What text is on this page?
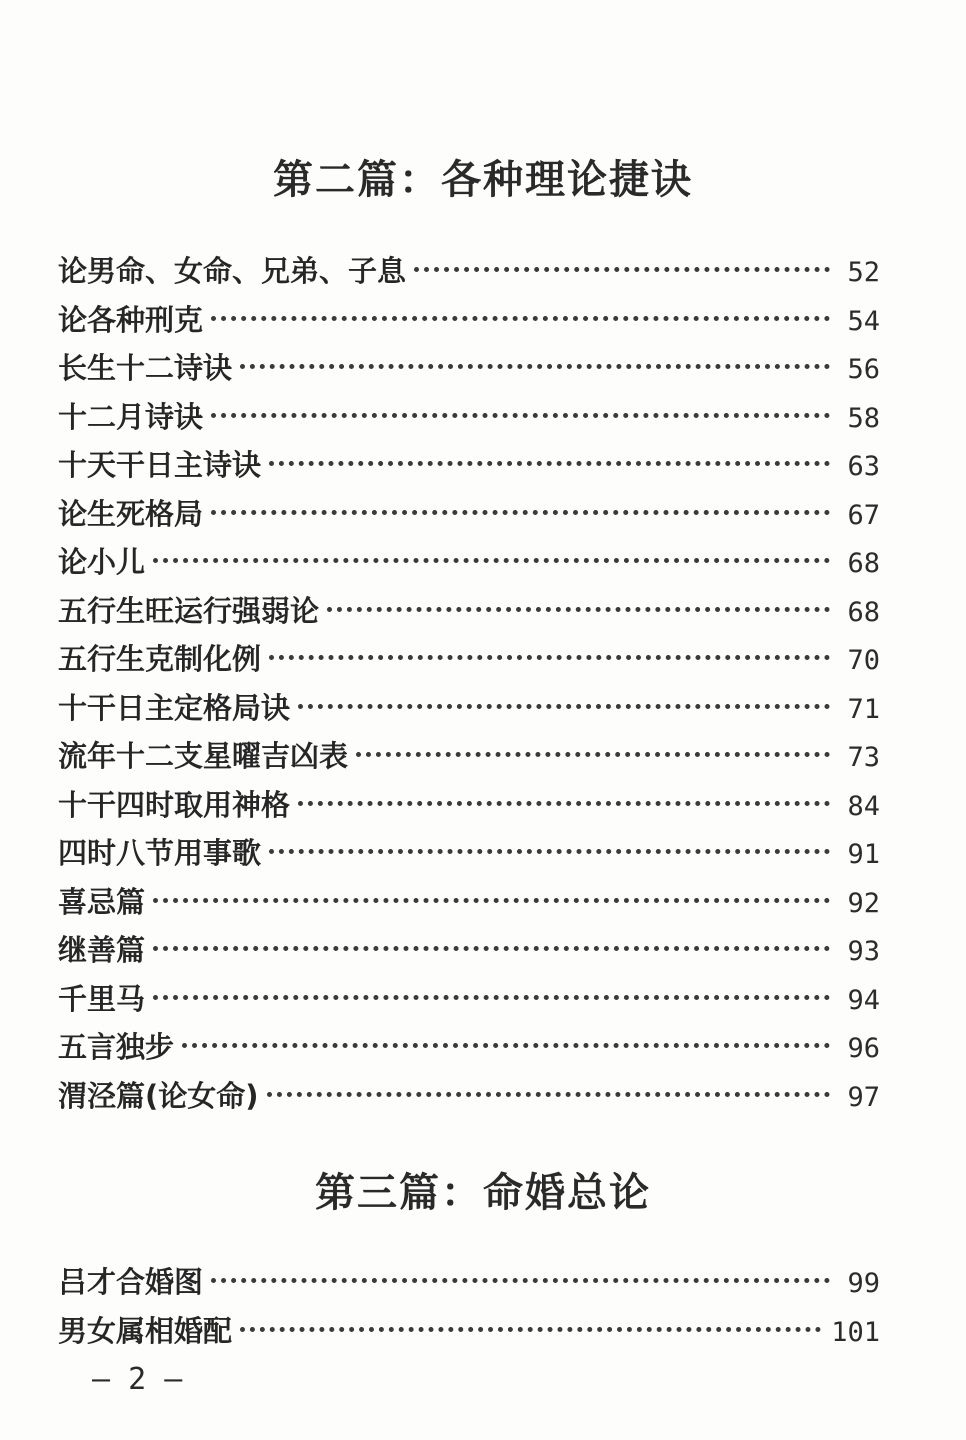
第二篇：各种理论捷诀
论男命、女命、兄弟、子息	52
论各种刑克	54
长生十二诗诀	56
十二月诗诀	58
十天干日主诗诀	63
论生死格局	67
论小儿	68
五行生旺运行强弱论	68
五行生克制化例	70
十干日主定格局诀	71
流年十二支星曜吉凶表	73
十干四时取用神格	84
四时八节用事歌	91
喜忌篇	92
继善篇	93
千里马	94
五言独步	96
渭泾篇(论女命)	97
第三篇：命婚总论
吕才合婚图	99
男女属相婚配	101
— 2 —
